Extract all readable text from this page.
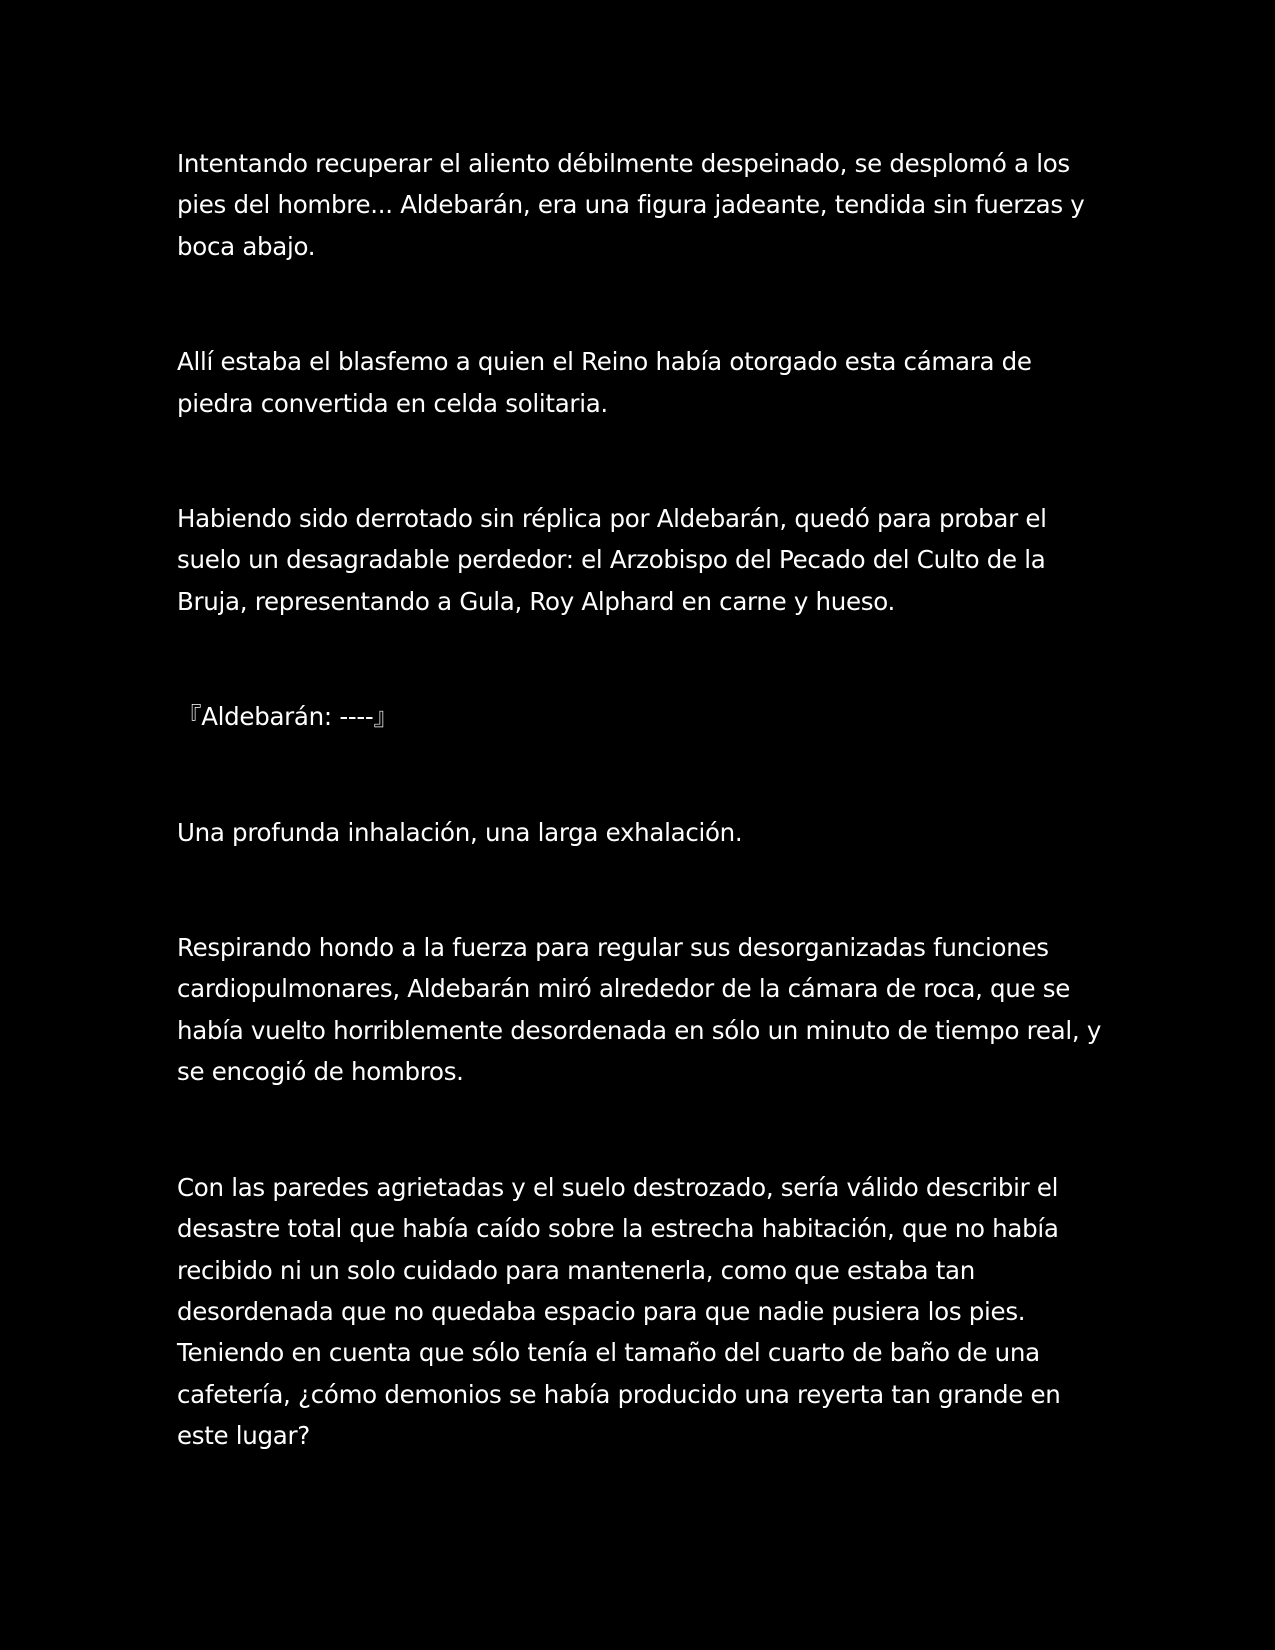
Intentando recuperar el aliento débilmente despeinado, se desplomó a los pies del hombre... Aldebarán, era una figura jadeante, tendida sin fuerzas y boca abajo.

Allí estaba el blasfemo a quien el Reino había otorgado esta cámara de piedra convertida en celda solitaria.

Habiendo sido derrotado sin réplica por Aldebarán, quedó para probar el suelo un desagradable perdedor: el Arzobispo del Pecado del Culto de la Bruja, representando a Gula, Roy Alphard en carne y hueso.

『Aldebarán: ----』

Una profunda inhalación, una larga exhalación.

Respirando hondo a la fuerza para regular sus desorganizadas funciones cardiopulmonares, Aldebarán miró alrededor de la cámara de roca, que se había vuelto horriblemente desordenada en sólo un minuto de tiempo real, y se encogió de hombros.

Con las paredes agrietadas y el suelo destrozado, sería válido describir el desastre total que había caído sobre la estrecha habitación, que no había recibido ni un solo cuidado para mantenerla, como que estaba tan desordenada que no quedaba espacio para que nadie pusiera los pies. Teniendo en cuenta que sólo tenía el tamaño del cuarto de baño de una cafetería, ¿cómo demonios se había producido una reyerta tan grande en este lugar?
